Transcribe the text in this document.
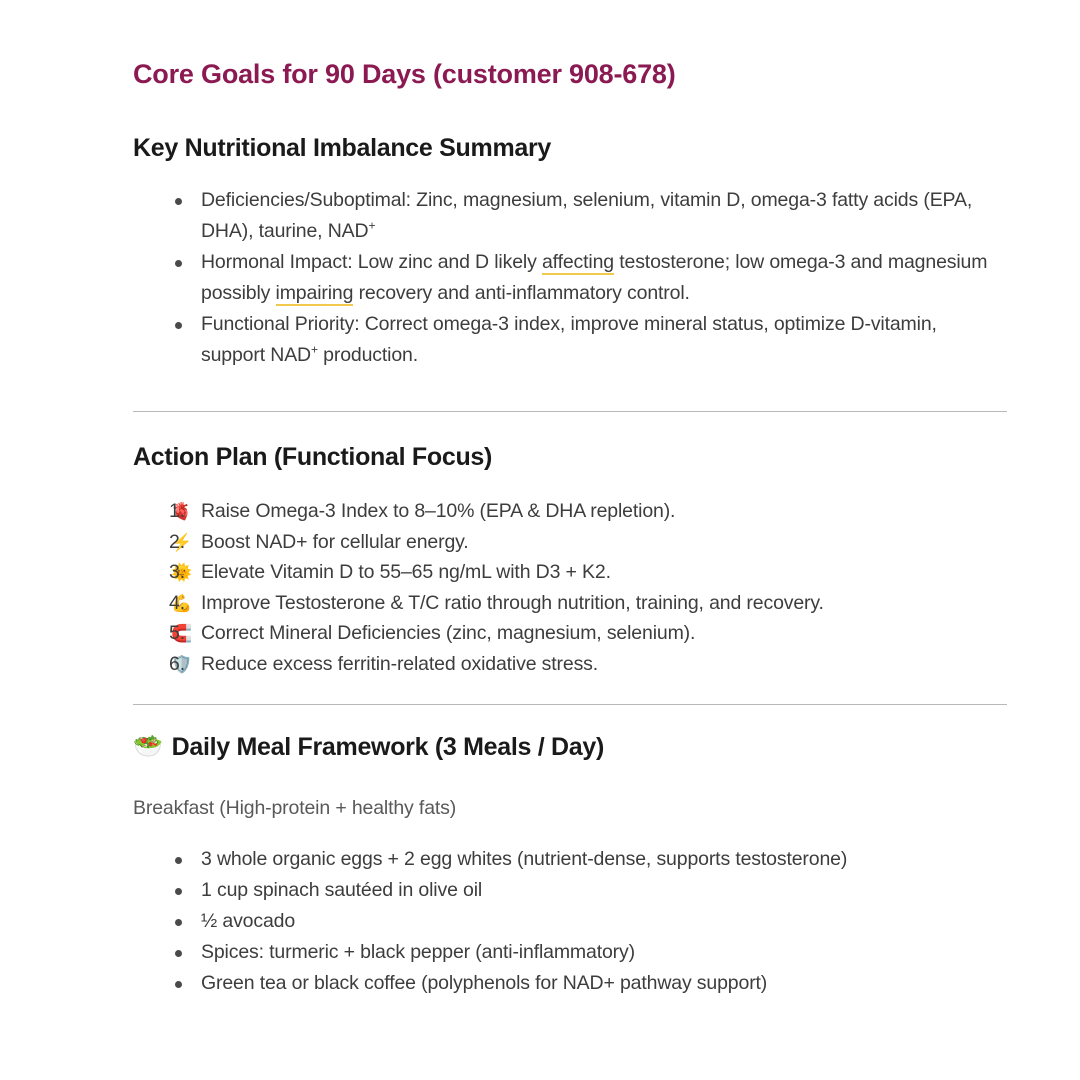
Core Goals for 90 Days (customer 908-678)
Key Nutritional Imbalance Summary
Deficiencies/Suboptimal: Zinc, magnesium, selenium, vitamin D, omega-3 fatty acids (EPA, DHA), taurine, NAD+
Hormonal Impact: Low zinc and D likely affecting testosterone; low omega-3 and magnesium possibly impairing recovery and anti-inflammatory control.
Functional Priority: Correct omega-3 index, improve mineral status, optimize D-vitamin, support NAD+ production.
Action Plan (Functional Focus)
🫀 Raise Omega-3 Index to 8–10% (EPA & DHA repletion).
⚡ Boost NAD+ for cellular energy.
🌞 Elevate Vitamin D to 55–65 ng/mL with D3 + K2.
💪 Improve Testosterone & T/C ratio through nutrition, training, and recovery.
🧲 Correct Mineral Deficiencies (zinc, magnesium, selenium).
🛡️ Reduce excess ferritin-related oxidative stress.
🥗 Daily Meal Framework (3 Meals / Day)
Breakfast (High-protein + healthy fats)
3 whole organic eggs + 2 egg whites (nutrient-dense, supports testosterone)
1 cup spinach sautéed in olive oil
½ avocado
Spices: turmeric + black pepper (anti-inflammatory)
Green tea or black coffee (polyphenols for NAD+ pathway support)
